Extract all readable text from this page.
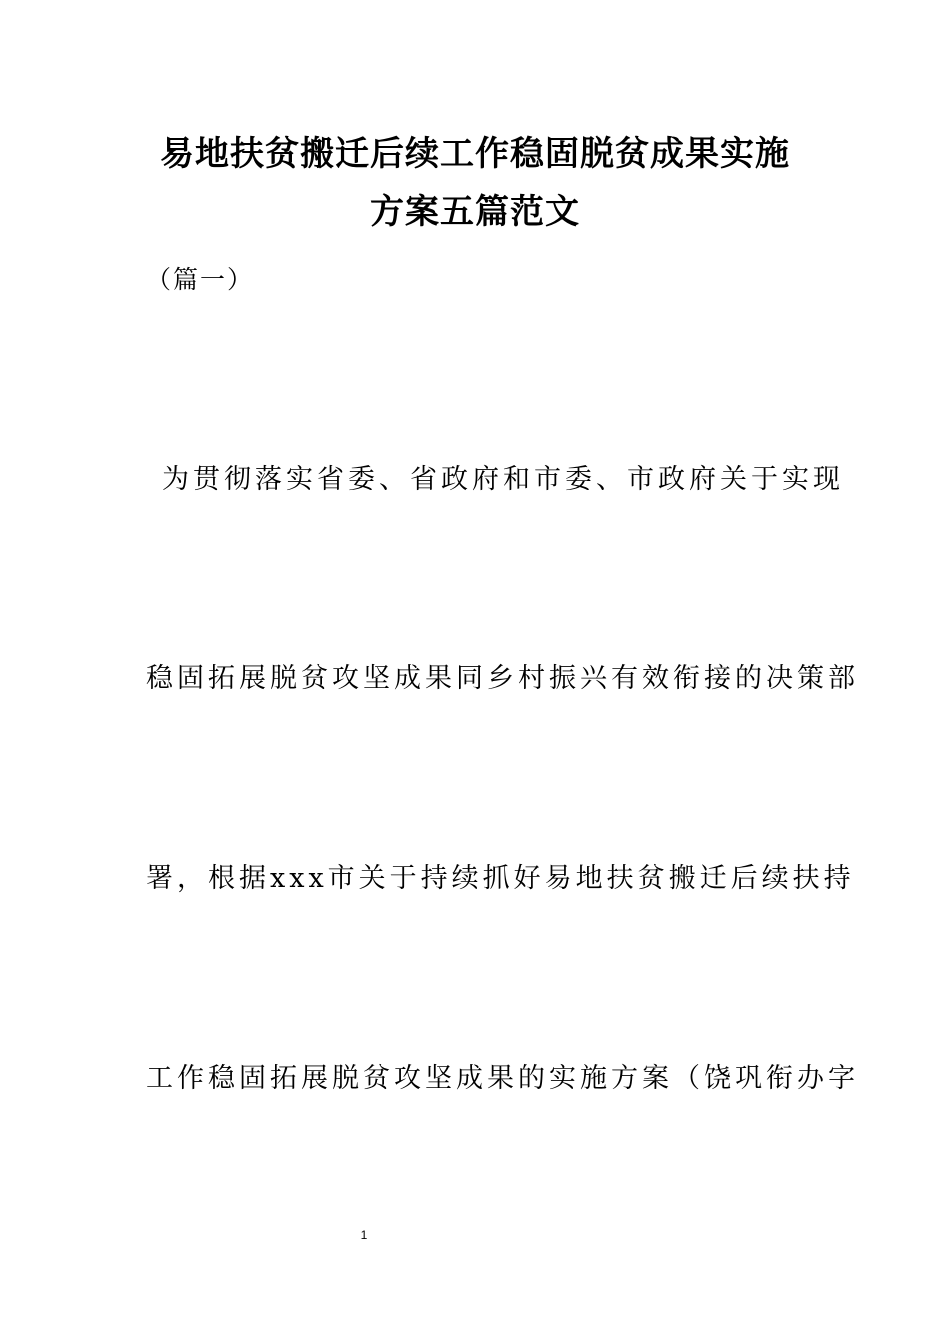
易地扶贫搬迁后续工作稳固脱贫成果实施
方案五篇范文

（篇一）

为贯彻落实省委、省政府和市委、市政府关于实现

稳固拓展脱贫攻坚成果同乡村振兴有效衔接的决策部

署，根据xxx市关于持续抓好易地扶贫搬迁后续扶持

工作稳固拓展脱贫攻坚成果的实施方案（饶巩衔办字

1
